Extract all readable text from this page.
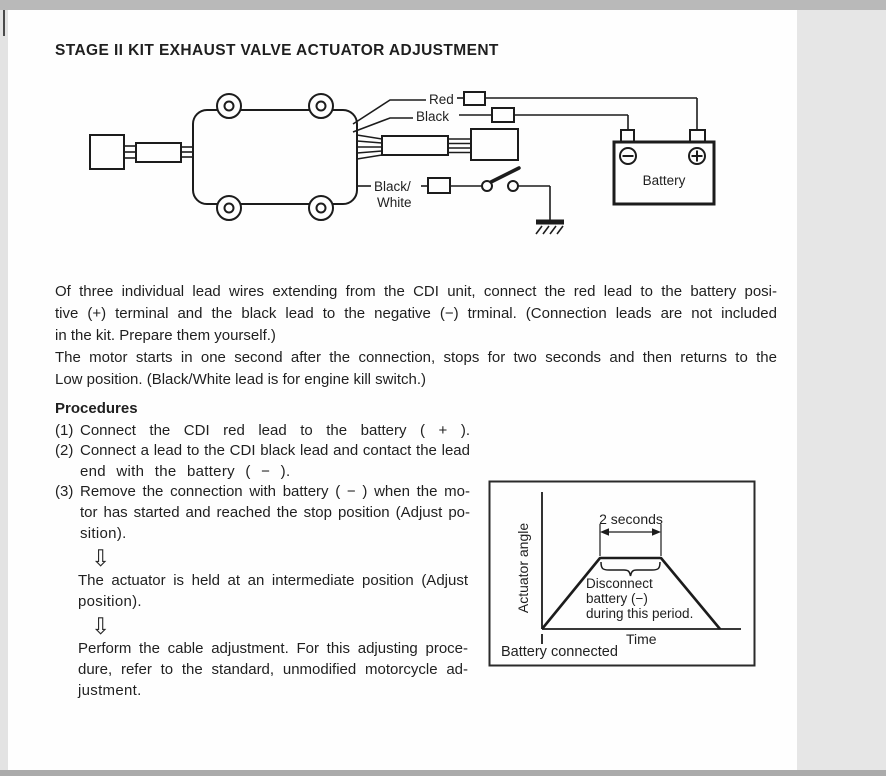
STAGE II KIT EXHAUST VALVE ACTUATOR ADJUSTMENT
Red
Black
Black/
White
Battery
Of three individual lead wires extending from the CDI unit, connect the red lead to the battery posi-
tive (+) terminal and the black lead to the negative (−) trminal. (Connection leads are not included
in the kit. Prepare them yourself.)
The motor starts in one second after the connection, stops for two seconds and then returns to the
Low position. (Black/White lead is for engine kill switch.)
Procedures
(1) Connect the CDI red lead to the battery ( + ).
(2) Connect a lead to the CDI black lead and contact the lead
end with the battery ( − ).
(3) Remove the connection with battery ( − ) when the mo-
tor has started and reached the stop position (Adjust po-
sition).
⇩
The actuator is held at an intermediate position (Adjust
position).
⇩
Perform the cable adjustment. For this adjusting proce-
dure, refer to the standard, unmodified motorcycle ad-
justment.
2 seconds
Disconnect
battery (−)
during this period.
Time
Battery connected
Actuator angle
